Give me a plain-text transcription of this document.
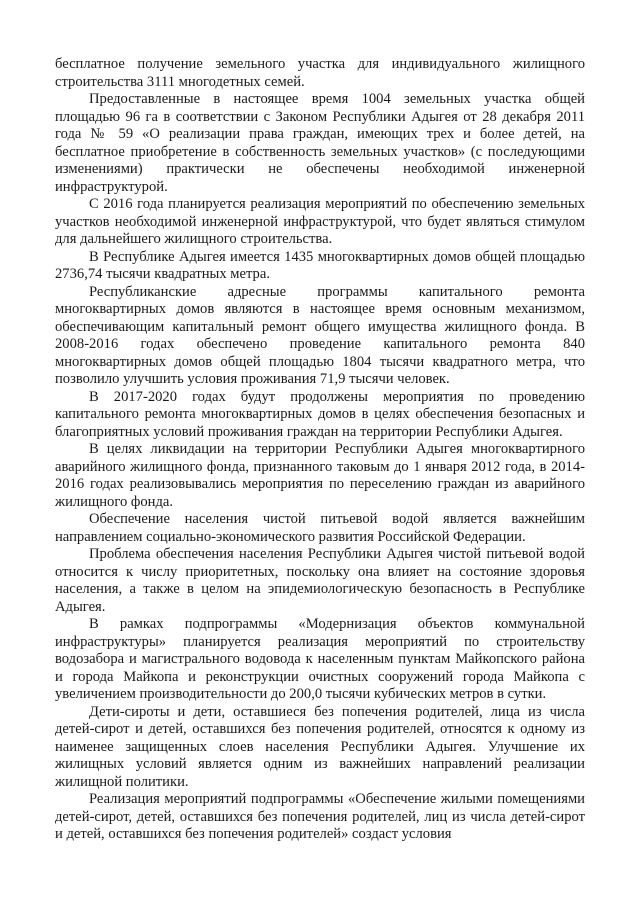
бесплатное получение земельного участка для индивидуального жилищного строительства 3111 многодетных семей.

Предоставленные в настоящее время 1004 земельных участка общей площадью 96 га в соответствии с Законом Республики Адыгея от 28 декабря 2011 года № 59 «О реализации права граждан, имеющих трех и более детей, на бесплатное приобретение в собственность земельных участков» (с последующими изменениями) практически не обеспечены необходимой инженерной инфраструктурой.

С 2016 года планируется реализация мероприятий по обеспечению земельных участков необходимой инженерной инфраструктурой, что будет являться стимулом для дальнейшего жилищного строительства.

В Республике Адыгея имеется 1435 многоквартирных домов общей площадью 2736,74 тысячи квадратных метра.

Республиканские адресные программы капитального ремонта многоквартирных домов являются в настоящее время основным механизмом, обеспечивающим капитальный ремонт общего имущества жилищного фонда. В 2008-2016 годах обеспечено проведение капитального ремонта 840 многоквартирных домов общей площадью 1804 тысячи квадратного метра, что позволило улучшить условия проживания 71,9 тысячи человек.

В 2017-2020 годах будут продолжены мероприятия по проведению капитального ремонта многоквартирных домов в целях обеспечения безопасных и благоприятных условий проживания граждан на территории Республики Адыгея.

В целях ликвидации на территории Республики Адыгея многоквартирного аварийного жилищного фонда, признанного таковым до 1 января 2012 года, в 2014- 2016 годах реализовывались мероприятия по переселению граждан из аварийного жилищного фонда.

Обеспечение населения чистой питьевой водой является важнейшим направлением социально-экономического развития Российской Федерации.

Проблема обеспечения населения Республики Адыгея чистой питьевой водой относится к числу приоритетных, поскольку она влияет на состояние здоровья населения, а также в целом на эпидемиологическую безопасность в Республике Адыгея.

В рамках подпрограммы «Модернизация объектов коммунальной инфраструктуры» планируется реализация мероприятий по строительству водозабора и магистрального водовода к населенным пунктам Майкопского района и города Майкопа и реконструкции очистных сооружений города Майкопа с увеличением производительности до 200,0 тысячи кубических метров в сутки.

Дети-сироты и дети, оставшиеся без попечения родителей, лица из числа детей-сирот и детей, оставшихся без попечения родителей, относятся к одному из наименее защищенных слоев населения Республики Адыгея. Улучшение их жилищных условий является одним из важнейших направлений реализации жилищной политики.

Реализация мероприятий подпрограммы «Обеспечение жилыми помещениями детей-сирот, детей, оставшихся без попечения родителей, лиц из числа детей-сирот и детей, оставшихся без попечения родителей» создаст условия
